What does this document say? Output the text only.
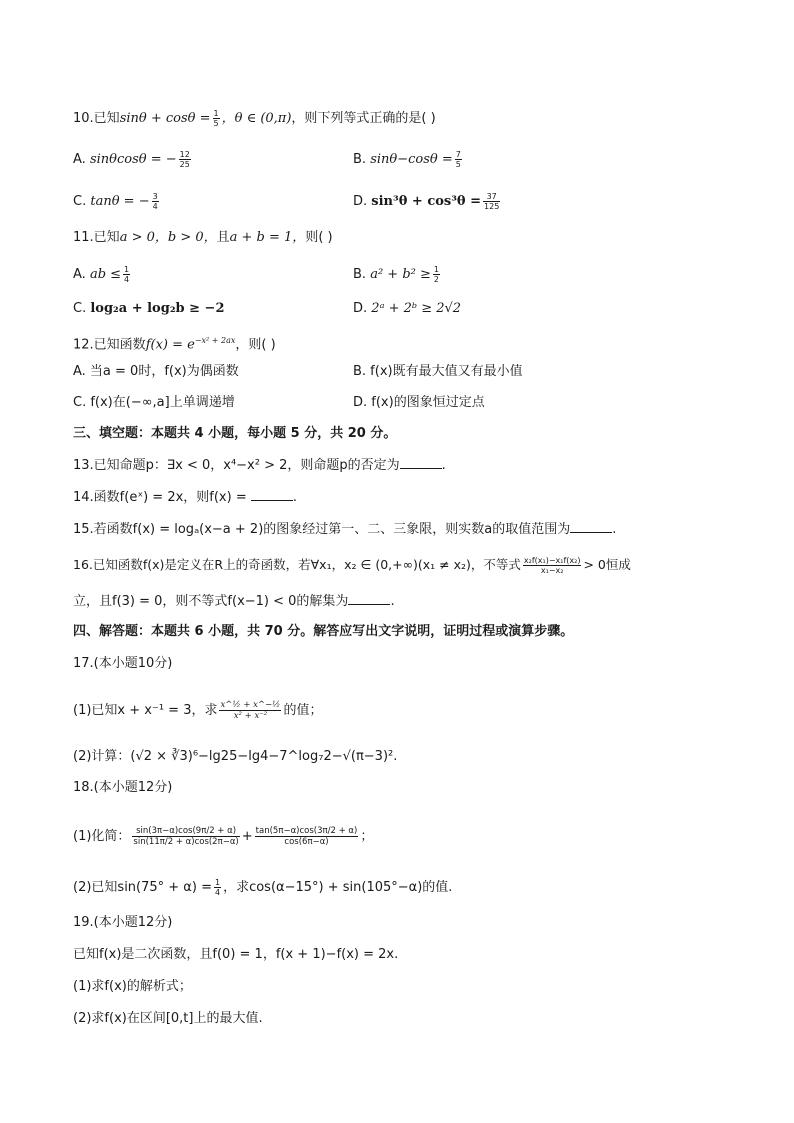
10.已知$\sin\theta + \cos\theta = \frac{1}{5}$ ，θ ∈ (0,π)，则下列等式正确的是( )
A. sinθcosθ = − $\frac{12}{25}$	B. $\sin\theta-\cos\theta = \frac{7}{5}$
C. tanθ = − $\frac{3}{4}$	D. $\sin^3\theta + \cos^3\theta = \frac{37}{125}$
11.已知a > 0，b > 0，且a + b = 1，则( )
A. ab ≤ $\frac{1}{4}$	B. $a^2 + b^2 \ge \frac{1}{2}$
C. log₂a + log₂b ≥ −2	D. 2ᵃ + 2ᵇ ≥ 2√2
12.已知函数$f(x) = e^{-x^2 + 2ax}$，则( )
A. 当a = 0时，f(x)为偶函数	B. f(x)既有最大值又有最小值
C. f(x)在(−∞,a]上单调递增	D. f(x)的图象恒过定点
三、填空题：本题共 4 小题，每小题 5 分，共 20 分。
13.已知命题p：∃x < 0，x⁴−x² > 2，则命题p的否定为	.
14.函数f(eˣ) = 2x，则f(x) =	.
15.若函数f(x) = logₐ(x−a + 2)的图象经过第一、二、三象限，则实数a的取值范围为	.
16.已知函数f(x)是定义在R上的奇函数，若∀x₁，x₂ ∈ (0,+∞)(x₁ ≠ x₂)，不等式 $\frac{\text{x₂f(x₁)−x₁f(x₂)}}{\text{x₁−x₂}} > 0$恒成
立，且f(3) = 0，则不等式f(x−1) < 0的解集为	.
四、解答题：本题共 6 小题，共 70 分。解答应写出文字说明，证明过程或演算步骤。
17.(本小题10分)
(1)已知x + x⁻¹ = 3，求 $\frac{\text{x\textasciicircum{}½ + x\textasciicircum{}−½}}{\text{x² + x⁻²}}$ 的值；
(2)计算：(√2 × ∛3)⁶−lg25−lg4−7^log₇2−√(π−3)².
18.(本小题12分)
(1)化简： $\frac{\sin(3\pi-\alpha)\cos(9\pi/2 + \alpha)}{\sin(11\pi/2 + \alpha)\cos(2\pi-\alpha)} + \frac{\tan(5\pi-\alpha)\cos(3\pi/2 + \alpha)}{\cos(6\pi-\alpha)}$ ；
(2)已知$\sin(75^\circ + \alpha) = \frac{1}{4}$ ，求cos(α−15°) + sin(105°−α)的值.
19.(本小题12分)
已知f(x)是二次函数，且f(0) = 1，f(x + 1)−f(x) = 2x.
(1)求f(x)的解析式；
(2)求f(x)在区间[0,t]上的最大值.
